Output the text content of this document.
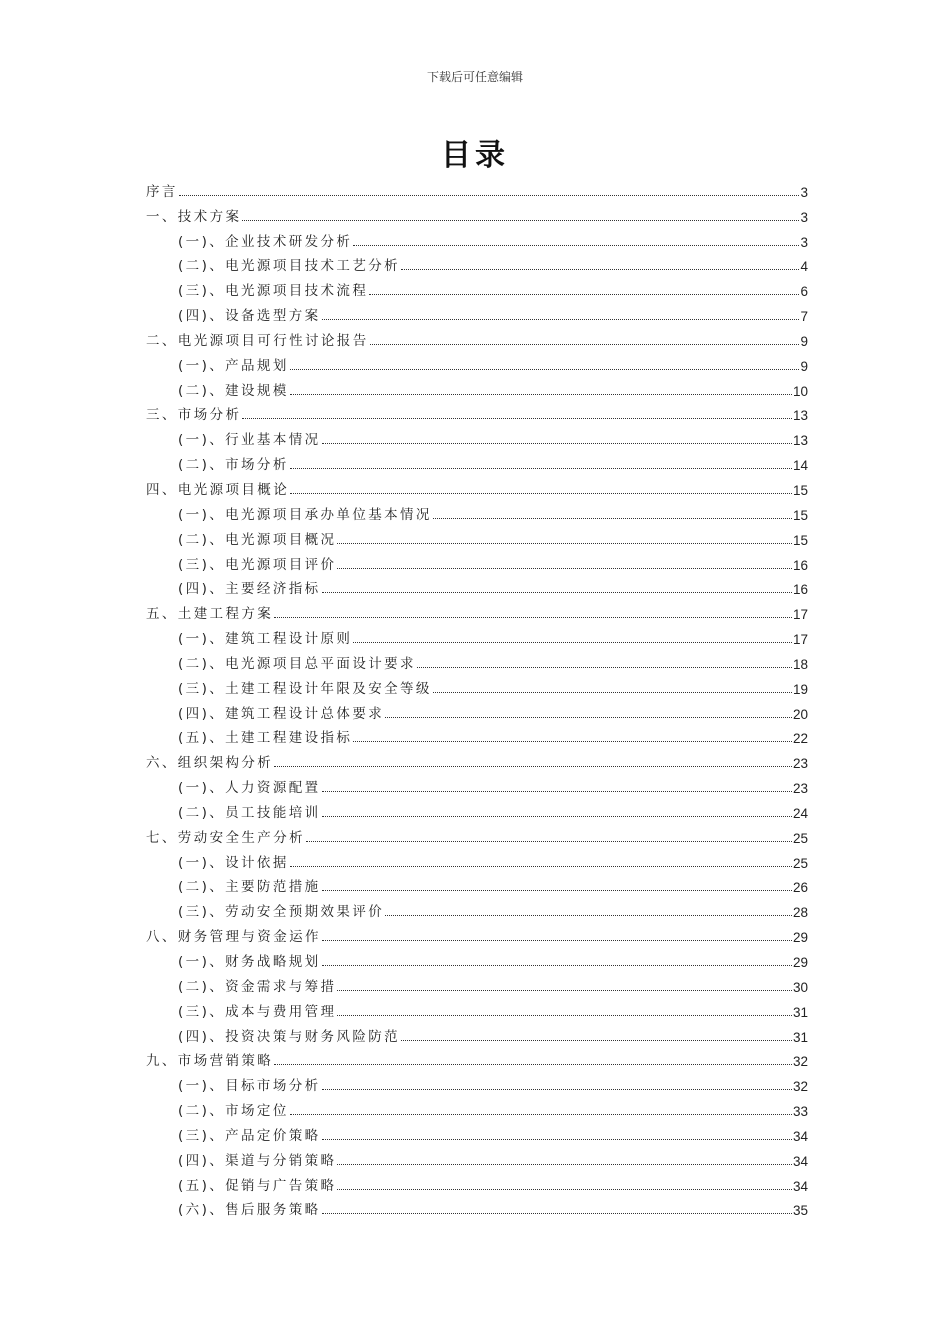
下载后可任意编辑
目录
序言	3
一、技术方案	3
(一)、企业技术研发分析	3
(二)、电光源项目技术工艺分析	4
(三)、电光源项目技术流程	6
(四)、设备选型方案	7
二、电光源项目可行性讨论报告	9
(一)、产品规划	9
(二)、建设规模	10
三、市场分析	13
(一)、行业基本情况	13
(二)、市场分析	14
四、电光源项目概论	15
(一)、电光源项目承办单位基本情况	15
(二)、电光源项目概况	15
(三)、电光源项目评价	16
(四)、主要经济指标	16
五、土建工程方案	17
(一)、建筑工程设计原则	17
(二)、电光源项目总平面设计要求	18
(三)、土建工程设计年限及安全等级	19
(四)、建筑工程设计总体要求	20
(五)、土建工程建设指标	22
六、组织架构分析	23
(一)、人力资源配置	23
(二)、员工技能培训	24
七、劳动安全生产分析	25
(一)、设计依据	25
(二)、主要防范措施	26
(三)、劳动安全预期效果评价	28
八、财务管理与资金运作	29
(一)、财务战略规划	29
(二)、资金需求与筹措	30
(三)、成本与费用管理	31
(四)、投资决策与财务风险防范	31
九、市场营销策略	32
(一)、目标市场分析	32
(二)、市场定位	33
(三)、产品定价策略	34
(四)、渠道与分销策略	34
(五)、促销与广告策略	34
(六)、售后服务策略	35
